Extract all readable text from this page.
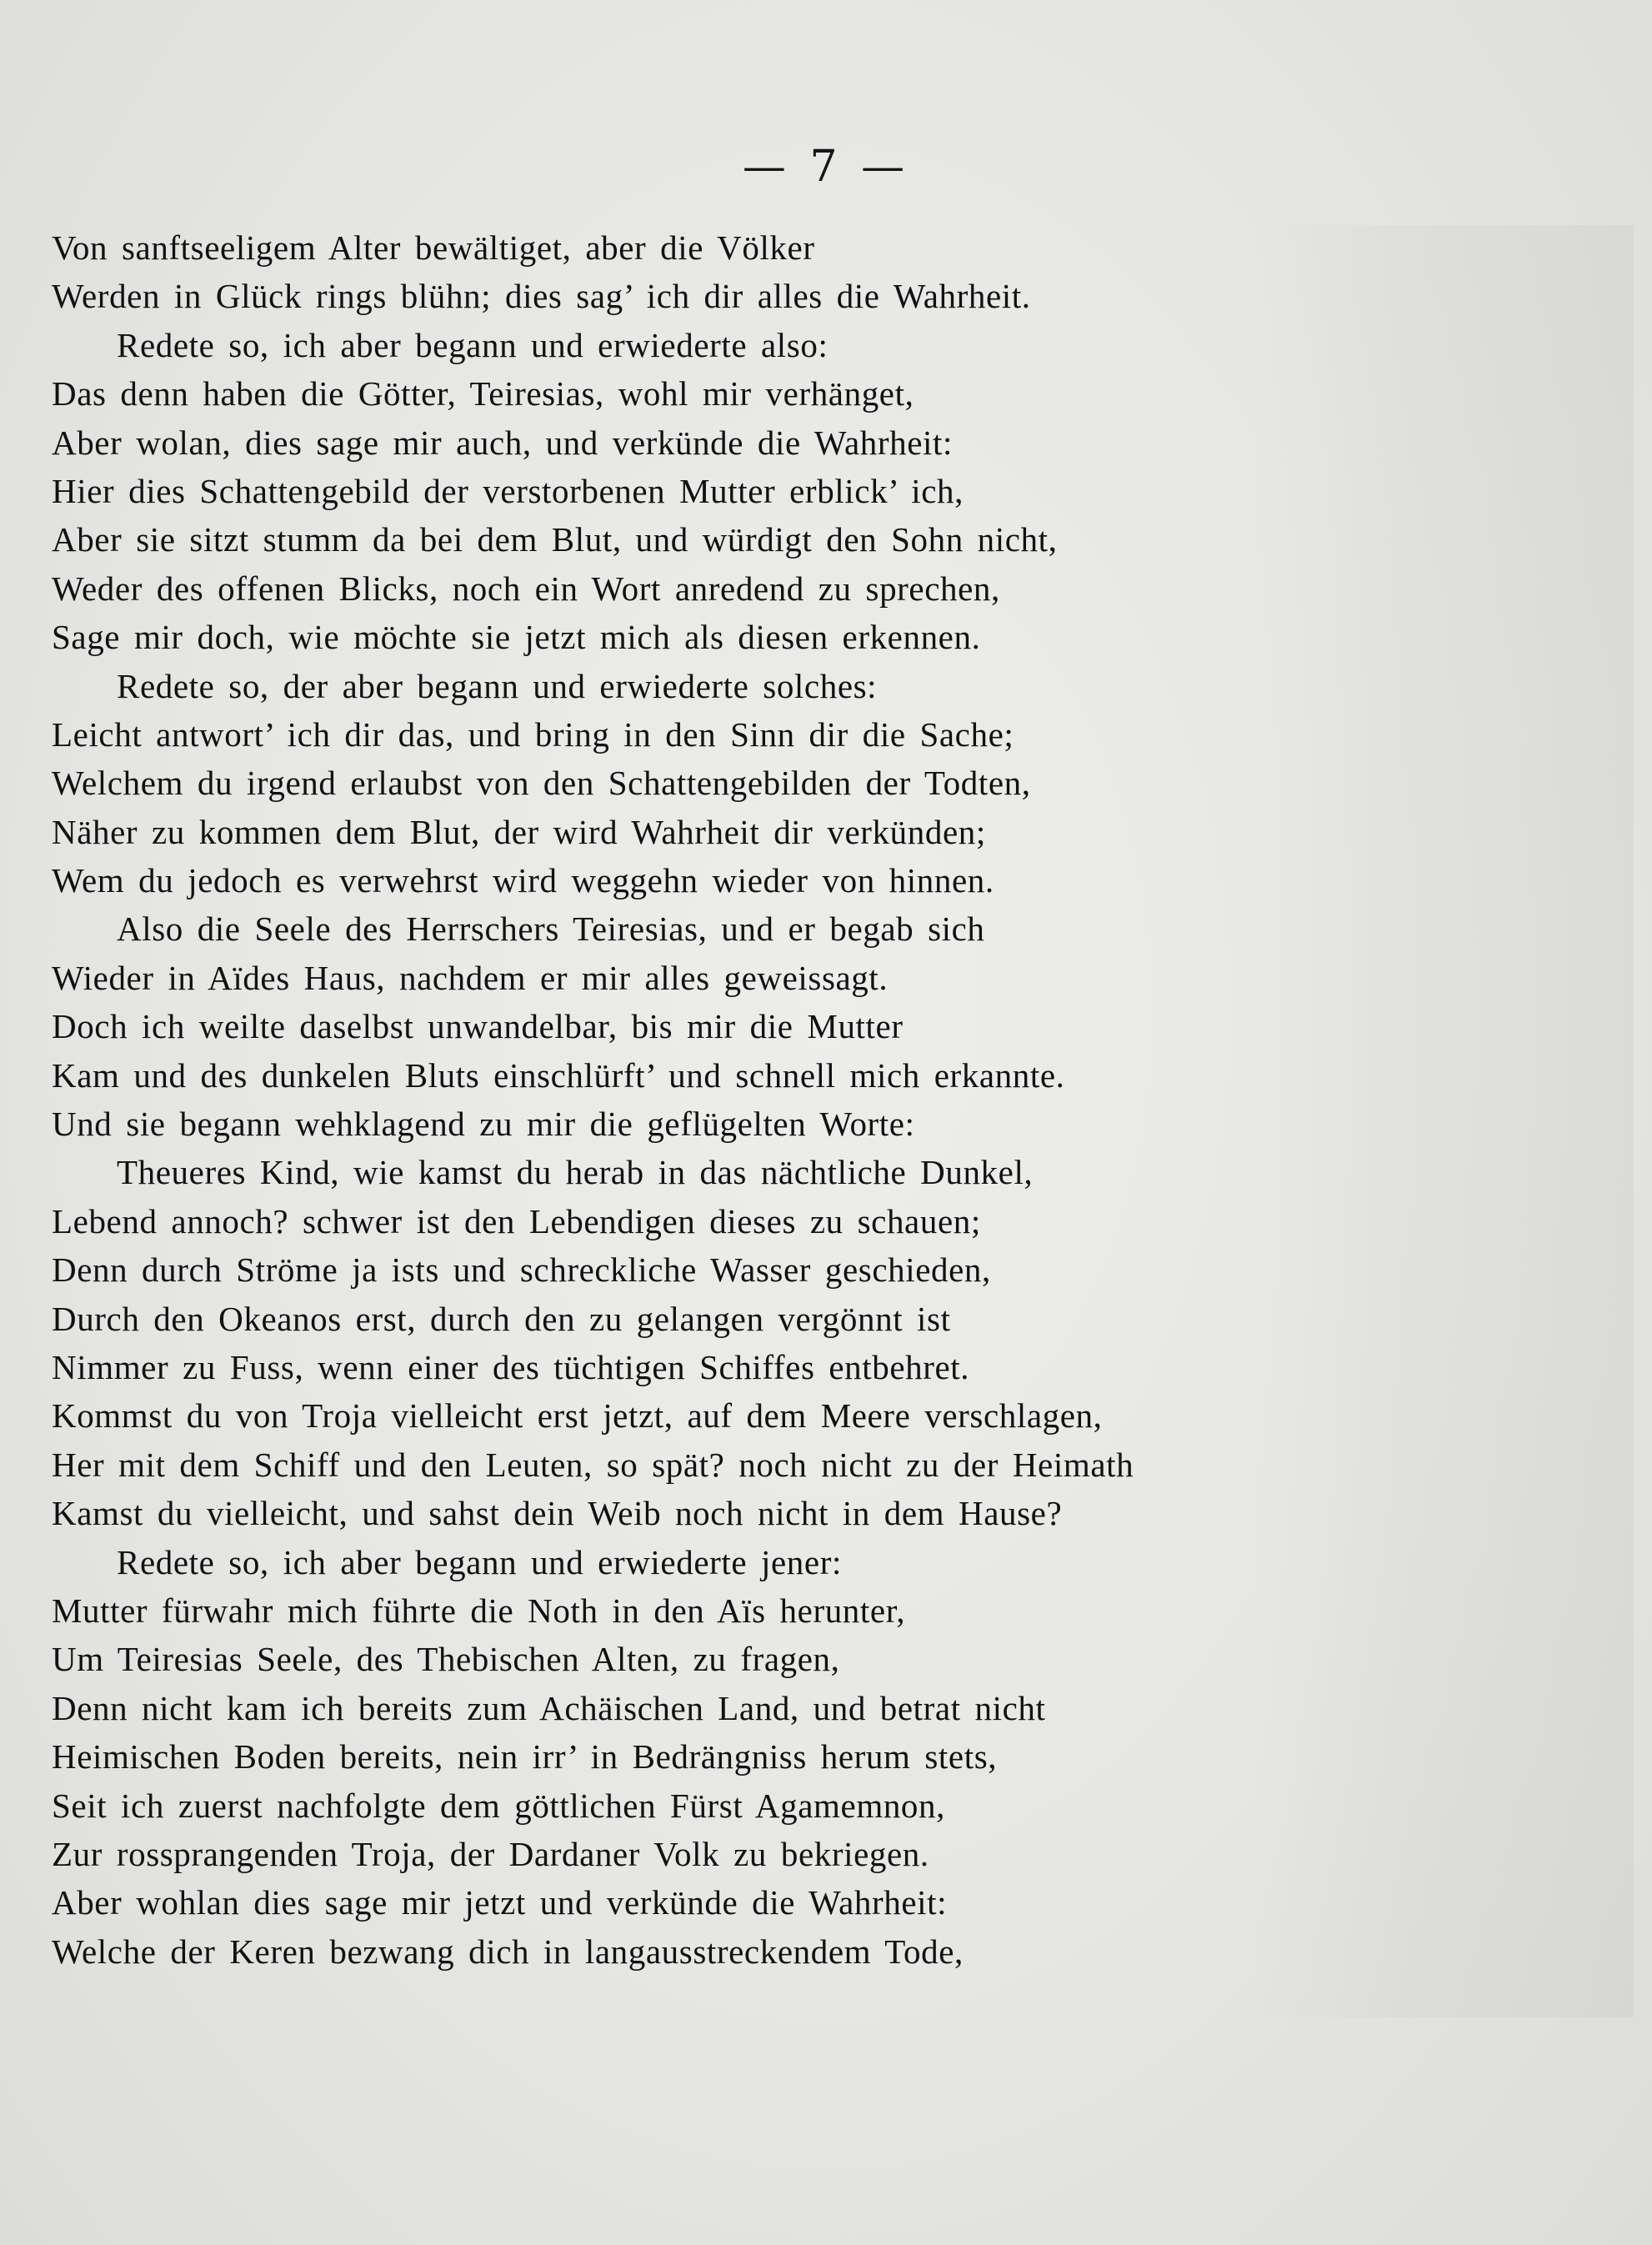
— 7 —
Von sanftseeligem Alter bewältiget, aber die Völker
Werden in Glück rings blühn; dies sag’ ich dir alles die Wahrheit.
Redete so, ich aber begann und erwiederte also:
Das denn haben die Götter, Teiresias, wohl mir verhänget,
Aber wolan, dies sage mir auch, und verkünde die Wahrheit:
Hier dies Schattengebild der verstorbenen Mutter erblick’ ich,
Aber sie sitzt stumm da bei dem Blut, und würdigt den Sohn nicht,
Weder des offenen Blicks, noch ein Wort anredend zu sprechen,
Sage mir doch, wie möchte sie jetzt mich als diesen erkennen.
Redete so, der aber begann und erwiederte solches:
Leicht antwort’ ich dir das, und bring in den Sinn dir die Sache;
Welchem du irgend erlaubst von den Schattengebilden der Todten,
Näher zu kommen dem Blut, der wird Wahrheit dir verkünden;
Wem du jedoch es verwehrst wird weggehn wieder von hinnen.
Also die Seele des Herrschers Teiresias, und er begab sich
Wieder in Aïdes Haus, nachdem er mir alles geweissagt.
Doch ich weilte daselbst unwandelbar, bis mir die Mutter
Kam und des dunkelen Bluts einschlürft’ und schnell mich erkannte.
Und sie begann wehklagend zu mir die geflügelten Worte:
Theueres Kind, wie kamst du herab in das nächtliche Dunkel,
Lebend annoch? schwer ist den Lebendigen dieses zu schauen;
Denn durch Ströme ja ists und schreckliche Wasser geschieden,
Durch den Okeanos erst, durch den zu gelangen vergönnt ist
Nimmer zu Fuss, wenn einer des tüchtigen Schiffes entbehret.
Kommst du von Troja vielleicht erst jetzt, auf dem Meere verschlagen,
Her mit dem Schiff und den Leuten, so spät? noch nicht zu der Heimath
Kamst du vielleicht, und sahst dein Weib noch nicht in dem Hause?
Redete so, ich aber begann und erwiederte jener:
Mutter fürwahr mich führte die Noth in den Aïs herunter,
Um Teiresias Seele, des Thebischen Alten, zu fragen,
Denn nicht kam ich bereits zum Achäischen Land, und betrat nicht
Heimischen Boden bereits, nein irr’ in Bedrängniss herum stets,
Seit ich zuerst nachfolgte dem göttlichen Fürst Agamemnon,
Zur rossprangenden Troja, der Dardaner Volk zu bekriegen.
Aber wohlan dies sage mir jetzt und verkünde die Wahrheit:
Welche der Keren bezwang dich in langausstreckendem Tode,
